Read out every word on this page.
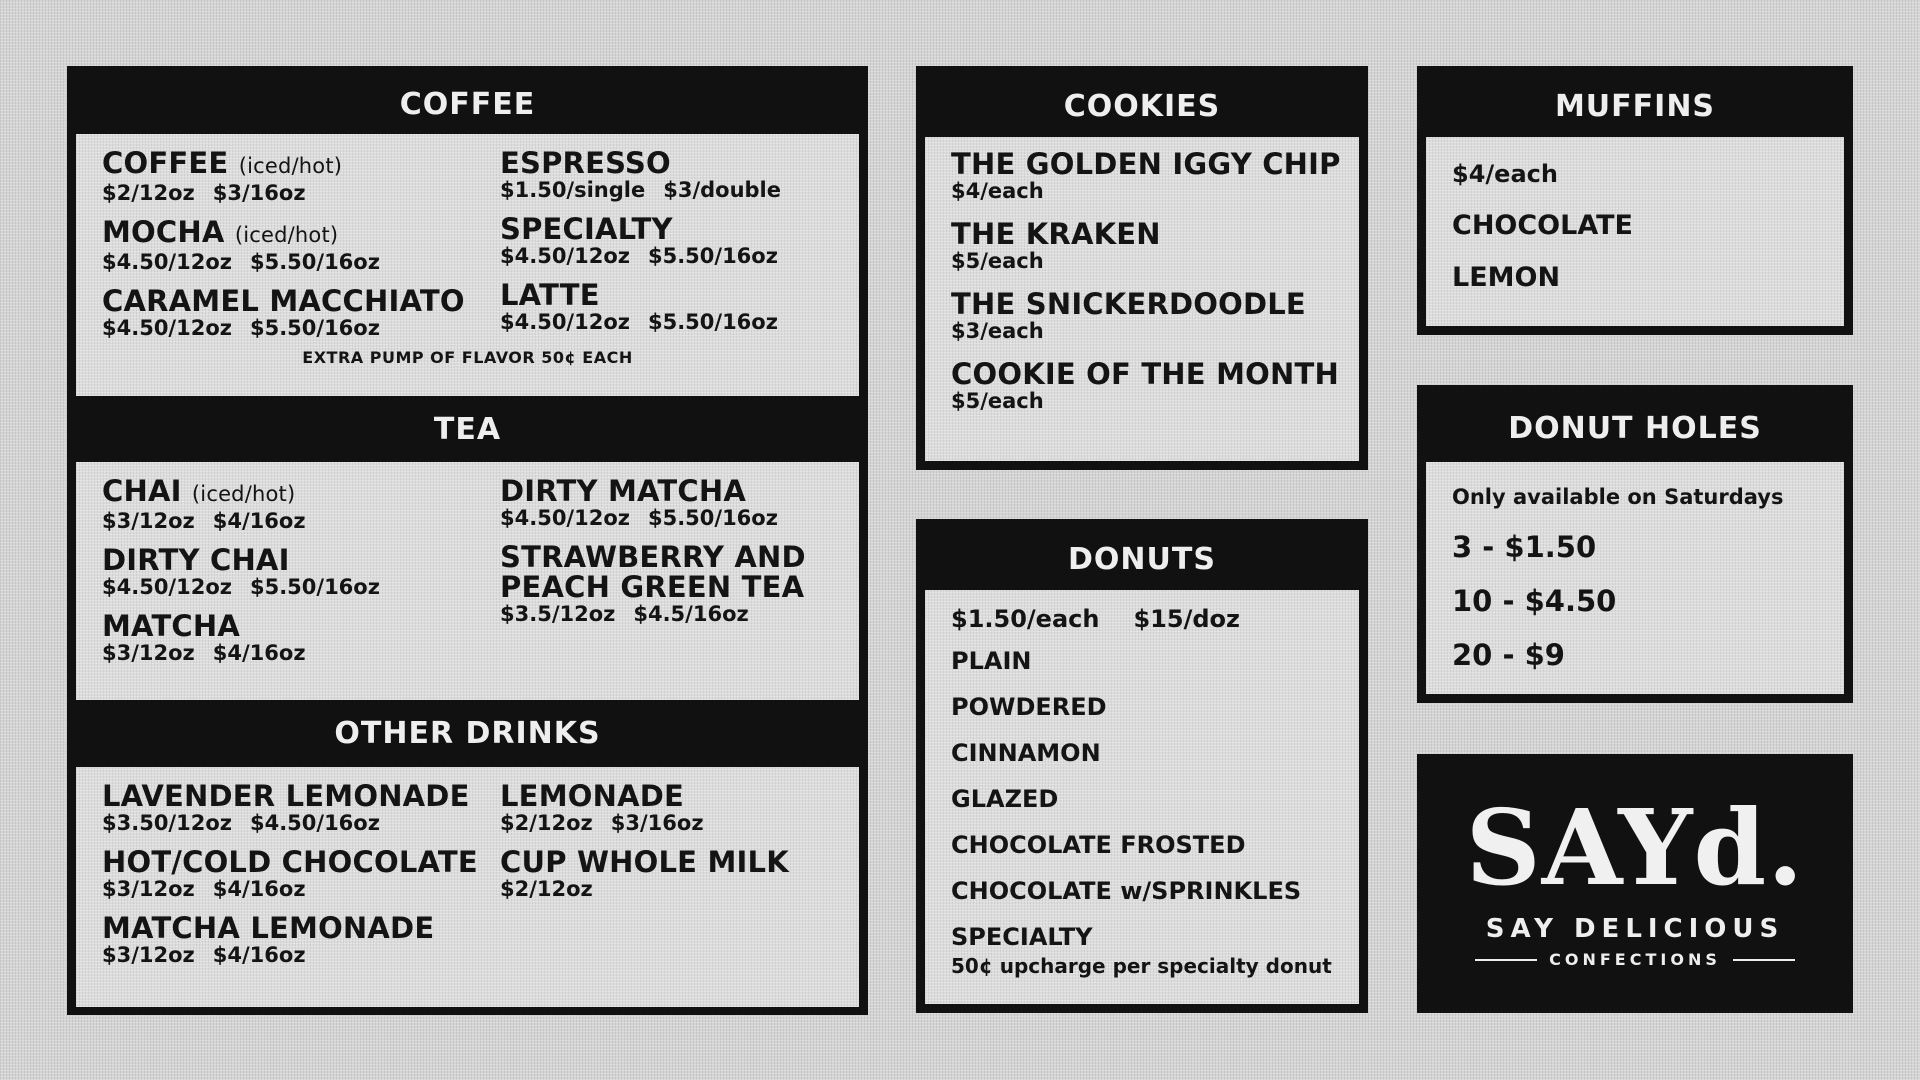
COFFEE
COFFEE (iced/hot)
$2/12oz $3/16oz
MOCHA (iced/hot)
$4.50/12oz $5.50/16oz
CARAMEL MACCHIATO
$4.50/12oz $5.50/16oz
ESPRESSO
$1.50/single $3/double
SPECIALTY
$4.50/12oz $5.50/16oz
LATTE
$4.50/12oz $5.50/16oz
EXTRA PUMP OF FLAVOR 50¢ EACH
TEA
CHAI (iced/hot)
$3/12oz $4/16oz
DIRTY CHAI
$4.50/12oz $5.50/16oz
MATCHA
$3/12oz $4/16oz
DIRTY MATCHA
$4.50/12oz $5.50/16oz
STRAWBERRY AND
PEACH GREEN TEA
$3.5/12oz $4.5/16oz
OTHER DRINKS
LAVENDER LEMONADE
$3.50/12oz $4.50/16oz
HOT/COLD CHOCOLATE
$3/12oz $4/16oz
MATCHA LEMONADE
$3/12oz $4/16oz
LEMONADE
$2/12oz $3/16oz
CUP WHOLE MILK
$2/12oz
COOKIES
THE GOLDEN IGGY CHIP
$4/each
THE KRAKEN
$5/each
THE SNICKERDOODLE
$3/each
COOKIE OF THE MONTH
$5/each
DONUTS
$1.50/each $15/doz
PLAIN
POWDERED
CINNAMON
GLAZED
CHOCOLATE FROSTED
CHOCOLATE w/SPRINKLES
SPECIALTY
50¢ upcharge per specialty donut
MUFFINS
$4/each
CHOCOLATE
LEMON
DONUT HOLES
Only available on Saturdays
3 - $1.50
10 - $4.50
20 - $9
SAYd.
SAY DELICIOUS
CONFECTIONS
